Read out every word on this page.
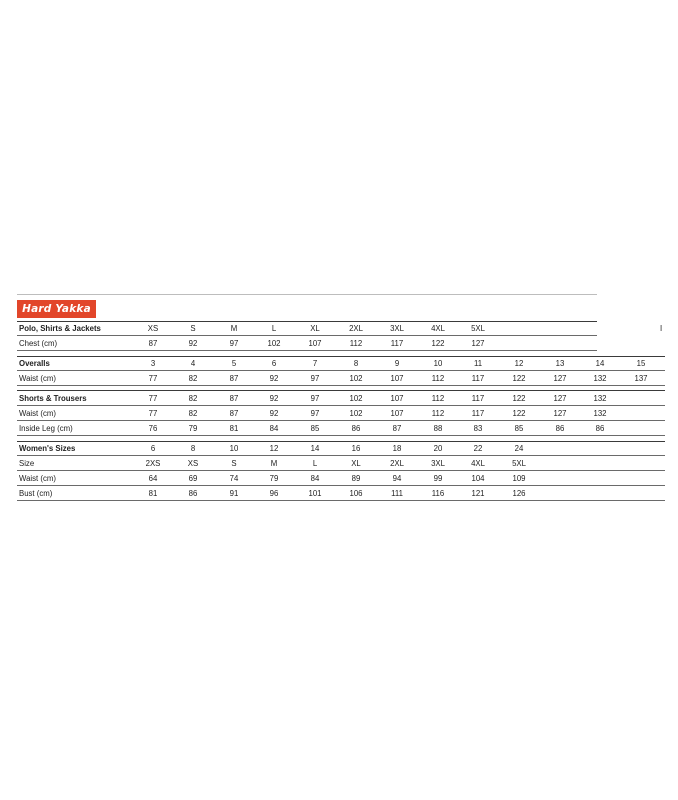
Hard Yakka
I
Polo, Shirts & Jackets	XS	S	M	L	XL	2XL	3XL	4XL	5XL
Chest (cm)	87	92	97	102	107	112	117	122	127
Overalls	3	4	5	6	7	8	9	10	11	12	13	14	15
Waist (cm)	77	82	87	92	97	102	107	112	117	122	127	132	137
Shorts & Trousers	77	82	87	92	97	102	107	112	117	122	127	132
Waist (cm)	77	82	87	92	97	102	107	112	117	122	127	132
Inside Leg (cm)	76	79	81	84	85	86	87	88	83	85	86	86
Women's Sizes	6	8	10	12	14	16	18	20	22	24
Size	2XS	XS	S	M	L	XL	2XL	3XL	4XL	5XL
Waist (cm)	64	69	74	79	84	89	94	99	104	109
Bust (cm)	81	86	91	96	101	106	111	116	121	126
